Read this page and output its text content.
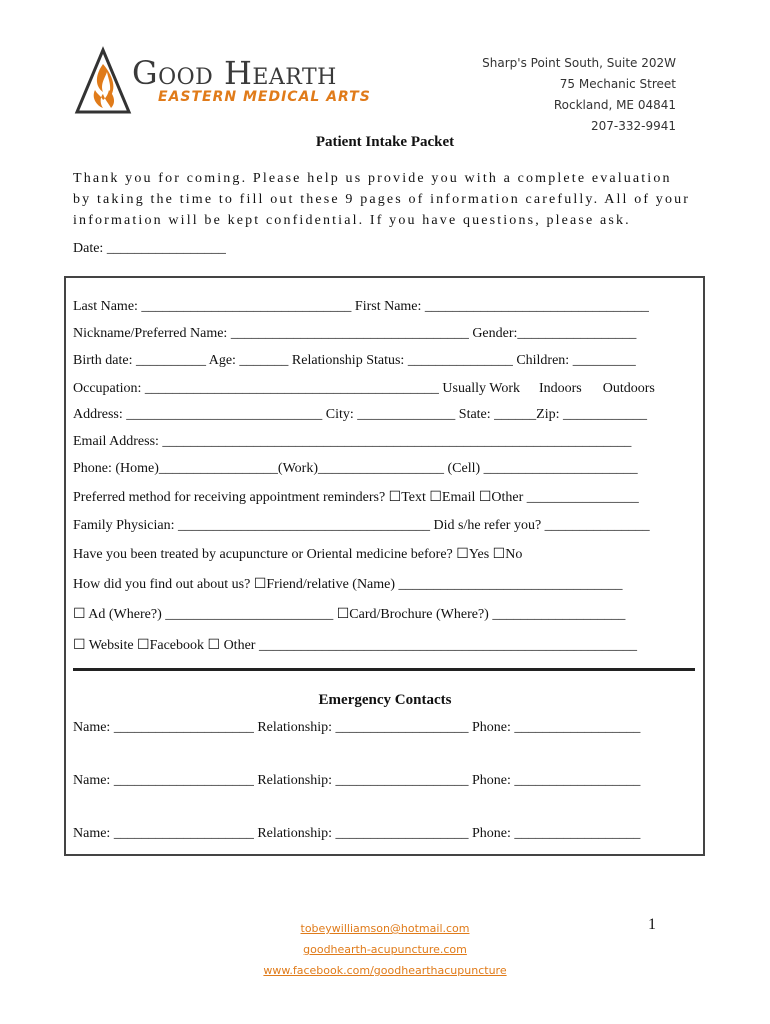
Good Hearth
EASTERN MEDICAL ARTS
Sharp's Point South, Suite 202W
75 Mechanic Street
Rockland, ME 04841
207-332-9941
Patient Intake Packet
Thank you for coming. Please help us provide you with a complete evaluation by taking the time to fill out these 9 pages of information carefully. All of your information will be kept confidential. If you have questions, please ask.
Date: _________________
Last Name: ______________________________ First Name: ________________________________
Nickname/Preferred Name: __________________________________ Gender:_________________
Birth date: __________ Age: _______ Relationship Status: _______________ Children: _________
Occupation: __________________________________________ Usually Work Indoors Outdoors
Address: ____________________________ City: ______________ State: ______Zip: ____________
Email Address: ___________________________________________________________________
Phone: (Home)_________________(Work)__________________ (Cell) ______________________
Preferred method for receiving appointment reminders? ☐Text ☐Email ☐Other ________________
Family Physician: ____________________________________ Did s/he refer you? _______________
Have you been treated by acupuncture or Oriental medicine before? ☐Yes ☐No
How did you find out about us? ☐Friend/relative (Name) ________________________________
☐ Ad (Where?) ________________________ ☐Card/Brochure (Where?) ___________________
☐ Website ☐Facebook ☐ Other ______________________________________________________
Emergency Contacts
Name: ____________________ Relationship: ___________________ Phone: __________________
Name: ____________________ Relationship: ___________________ Phone: __________________
Name: ____________________ Relationship: ___________________ Phone: __________________
tobeywilliamson@hotmail.com
goodhearth-acupuncture.com
www.facebook.com/goodhearthacupuncture
1
